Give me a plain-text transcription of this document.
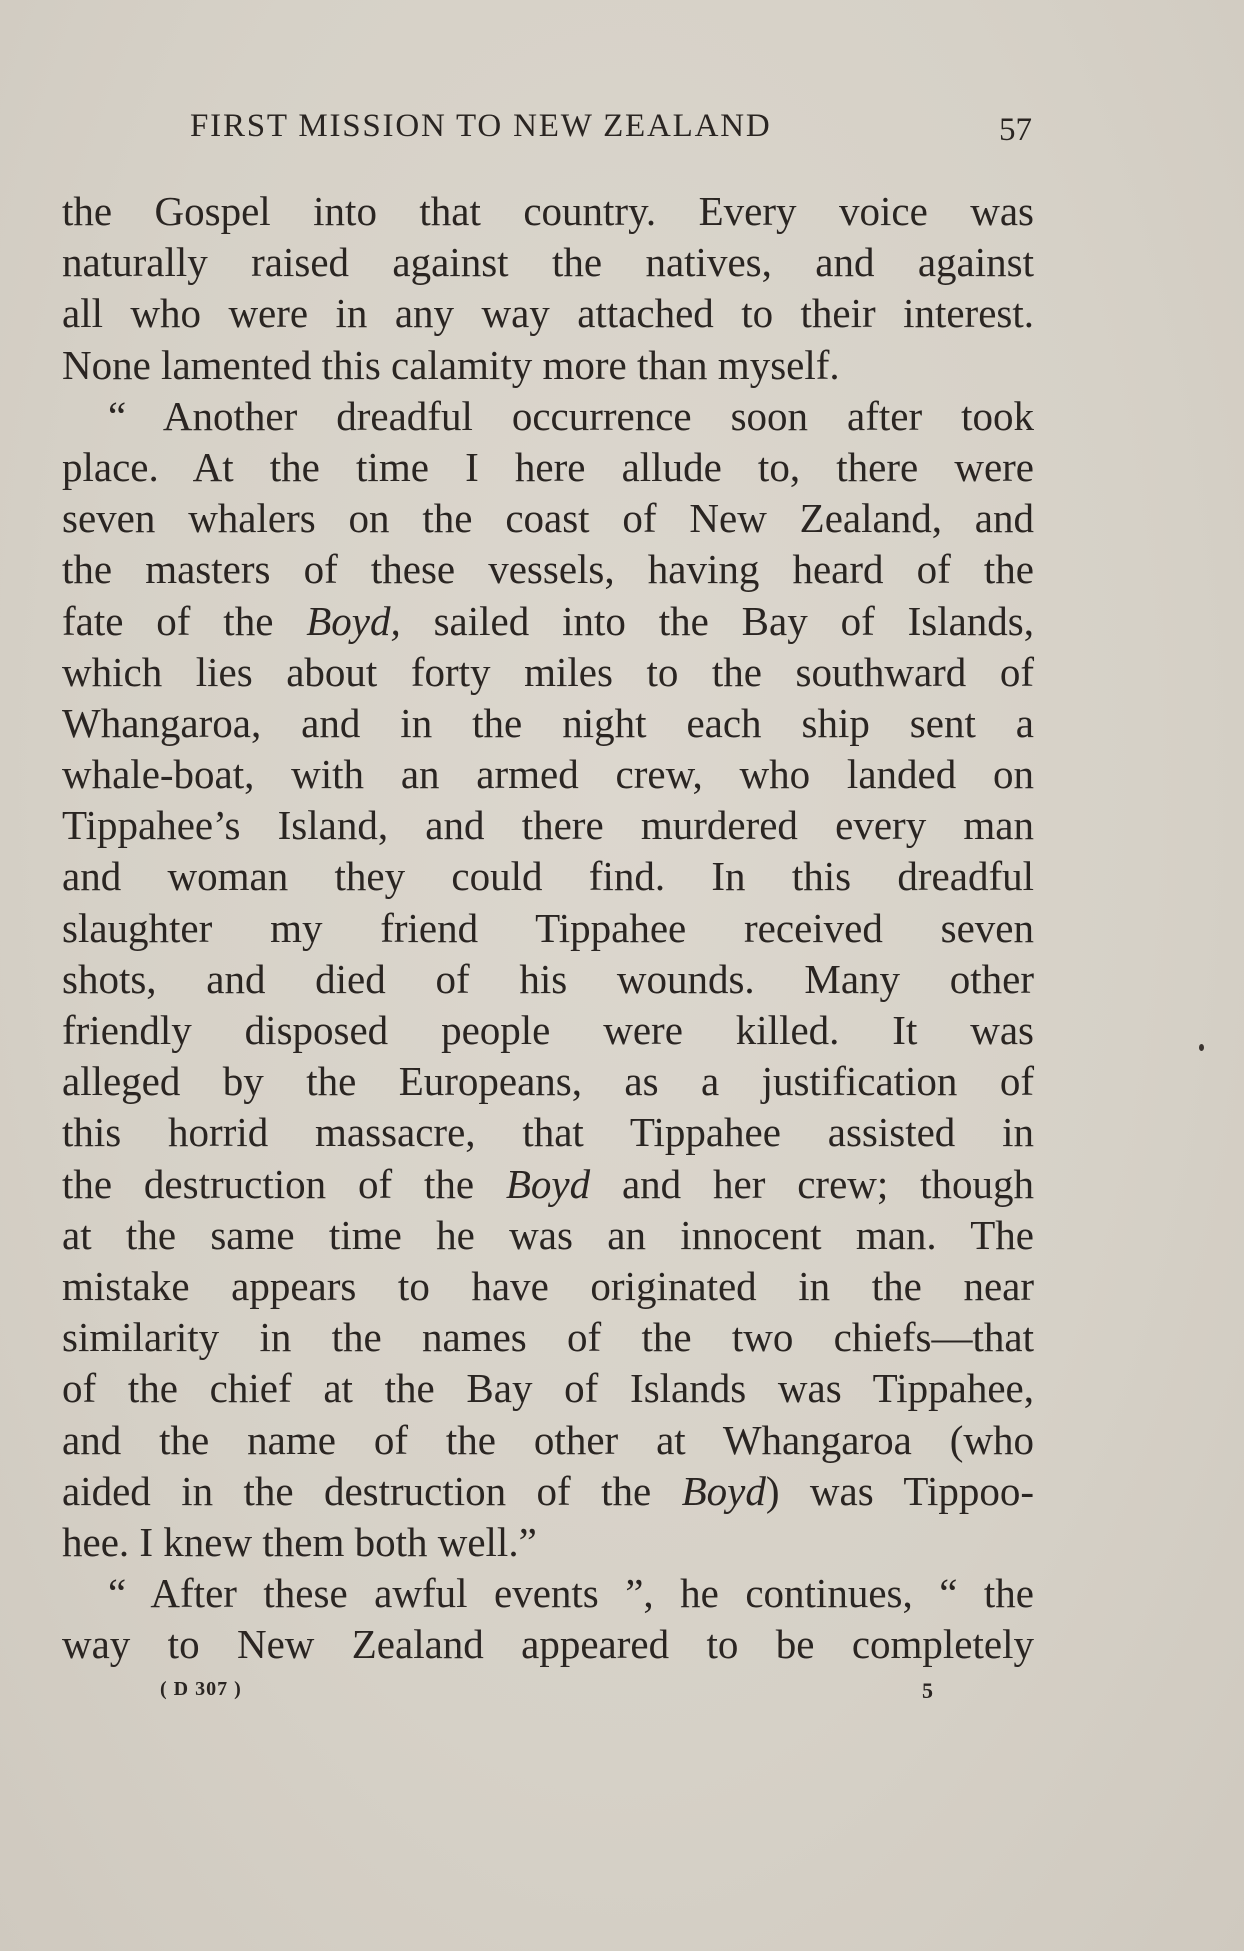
FIRST MISSION TO NEW ZEALAND	57
the Gospel into that country. Every voice was
naturally raised against the natives, and against
all who were in any way attached to their interest.
None lamented this calamity more than myself.
“ Another dreadful occurrence soon after took
place. At the time I here allude to, there were
seven whalers on the coast of New Zealand, and
the masters of these vessels, having heard of the
fate of the Boyd, sailed into the Bay of Islands,
which lies about forty miles to the southward of
Whangaroa, and in the night each ship sent a
whale-boat, with an armed crew, who landed on
Tippahee’s Island, and there murdered every man
and woman they could find. In this dreadful
slaughter my friend Tippahee received seven
shots, and died of his wounds. Many other
friendly disposed people were killed. It was
alleged by the Europeans, as a justification of
this horrid massacre, that Tippahee assisted in
the destruction of the Boyd and her crew; though
at the same time he was an innocent man. The
mistake appears to have originated in the near
similarity in the names of the two chiefs—that
of the chief at the Bay of Islands was Tippahee,
and the name of the other at Whangaroa (who
aided in the destruction of the Boyd) was Tippoo-
hee. I knew them both well.”
“ After these awful events ”, he continues, “ the
way to New Zealand appeared to be completely
( D 307 )	5
